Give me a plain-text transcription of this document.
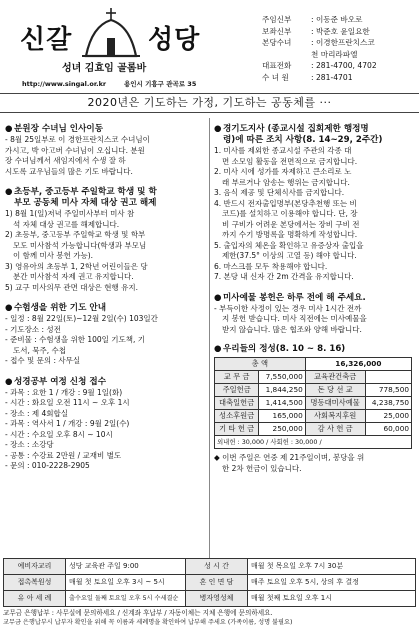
신갈	성당
성녀 김효임 골롬바
http://www.singal.or.kr	용인시 기흥구 관곡로 35
주임신부	: 이동준 바오로
보좌신부	: 박준호 윤일요한
본당수녀	: 이경한프란치스코
천 마리라파엘
대표전화	: 281-4700, 4702
수 녀 원	: 281-4701
2020년은 기도하는 가정, 기도하는 공동체를 ···
● 분원장 수녀님 인사이동

- 8월 25일부로 이 경한프란치스코 수녀님이

가시고, 박 아고버 수녀님이 오십니다. 분원

장 수녀님께서 새임지에서 수생 잘 하

시도록 교우님들의 많은 기도 바랍니다.

● 초등부, 중고등부 주일학교 학생 및 학
부모 공동체 미사 자체 대상 권고 해제

1) 8월 1(일)저녁 주일미사부터 미사 참

석 자체 대상 권고를 해제합니다.

2) 초등부, 중고등부 주일학교 학생 및 학부

모도 미사참석 가능합니다(학생과 부모님

이 함께 미사 봉헌 가능).

3) 영유아의 초등부 1, 2학년 어린이들은 당

분간 미사참석 자제 권고 유지합니다.

5) 교구 미사의무 관면 대상은 현행 유지.

● 수험생을 위한 기도 안내

- 일정 : 8월 22일(토)~12월 2일(수) 103일간

- 기도장소 : 성전

- 준비물 : 수험생을 위한 100일 기도책, 기

도서, 묵주, 수첩

- 접수 및 문의 : 사무실

● 성경공부 여정 신청 접수

- 과목 : 요한 1 / 개강 : 9월 1일(화)

- 시간 : 화요일 오전 11시 ~ 오후 1시

- 장소 : 제 4회합실

- 과목 : 역사서 1 / 개강 : 9월 2일(수)

- 시간 : 수요일 오후 8시 ~ 10시

- 장소 : 소강당

- 공통 : 수강료 2만원 / 교재비 별도

- 문의 : 010-2228-2905

● 경기도지사 (종교시설 집회제한 행정명
령)에 따른 조치 사항(8. 14~29, 2주간)

1. 미사를 제외한 종교시설 주관의 각종 대

면 소모임 활동을 전면적으로 금지합니다.

2. 미사 시에 성가를 자제하고 큰소리로 노

래 부르거나 암송는 행위는 금지합니다.

3. 음식 제공 및 단체식사를 금지합니다.

4. 반드시 전자출입명부(본당추천행 또는 비

코드)를 설치하고 이용해야 합니다. 단, 장

비 구비가 어려운 본당에서는 장비 구비 전

까지 수기 방명록을 명확하게 작성합니다.

5. 출입자의 체온을 확인하고 유증상자 출입을

제한(37.5° 이상의 고열 등) 해야 합니다.

6. 마스크를 모두 착용해야 합니다.

7. 본당 내 신자 간 2m 간격을 유지합니다.

● 미사예물 봉헌은 하루 전에 해 주세요.

- 부득이한 사정이 있는 경우 미사 1시간 전까

지 봉헌 받습니다. 미사 직전에는 미사예물을

받지 않습니다. 많은 협조와 양해 바랍니다.

● 우리들의 정성(8. 10 ~ 8. 16)
총 액		16,326,000	
교 무 금	7,550,000	교육관건축금	
주일헌금	1,844,250	돈 당 선 교	778,500
대축일헌금	1,414,500	명동대미사예물	4,238,750
성소후원금	165,000	사회복지후원	25,000
기 타 헌 금	250,000	감 사 헌 금	60,000
외내헌 : 30,000 / 사회헌 : 30,000 /			

◆ 이번 주일은 연중 제 21주일이며, 봉당을 위

한 2차 헌금이 있습니다.

예비자교리	성당 교육관 주일 9:00	성 시 간	매월 첫 목요일 오후 7시 30분
접촉복원성	매월 첫 토요일 오후 3시 ~ 5시	혼 인 면 담	매주 토요일 오후 5시, 상의 후 결정
유 아 세 례	출수요일 둘째 토요일 오후 5시 수세결순	병자영성체	매월 첫째 토요일 오후 1시
교무금 은행납부 : 사무실에 문의하세요 / 신계좌 후납부 / 자동이체는 지체 은행에 문의하세요.
교무금 은행납부시 납부자 확인을 위해 꼭 이름과 세례명을 확인하여 납부해 주세요 (가족이름, 성명 불필요)
